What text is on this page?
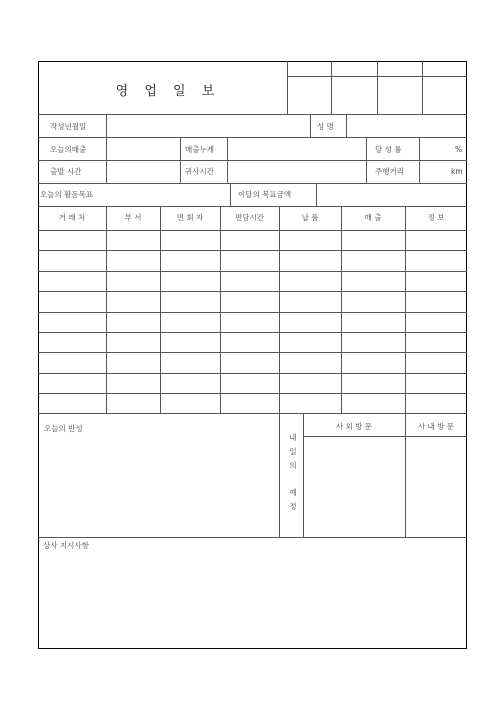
영 업 일 보
작성년월일	성 명
오늘의매출	매출누계	달 성 률	%
출발 시간	귀사시간	주행거리	km
오늘의 활동목표	이달의 목표금액
거 래 처	부 서	면 회 자	면담시간	납 품	매 출	정 보
오늘의 반성
내
일
의
예
정
사 외 방 문	사 내 방 문
상사 지시사항
